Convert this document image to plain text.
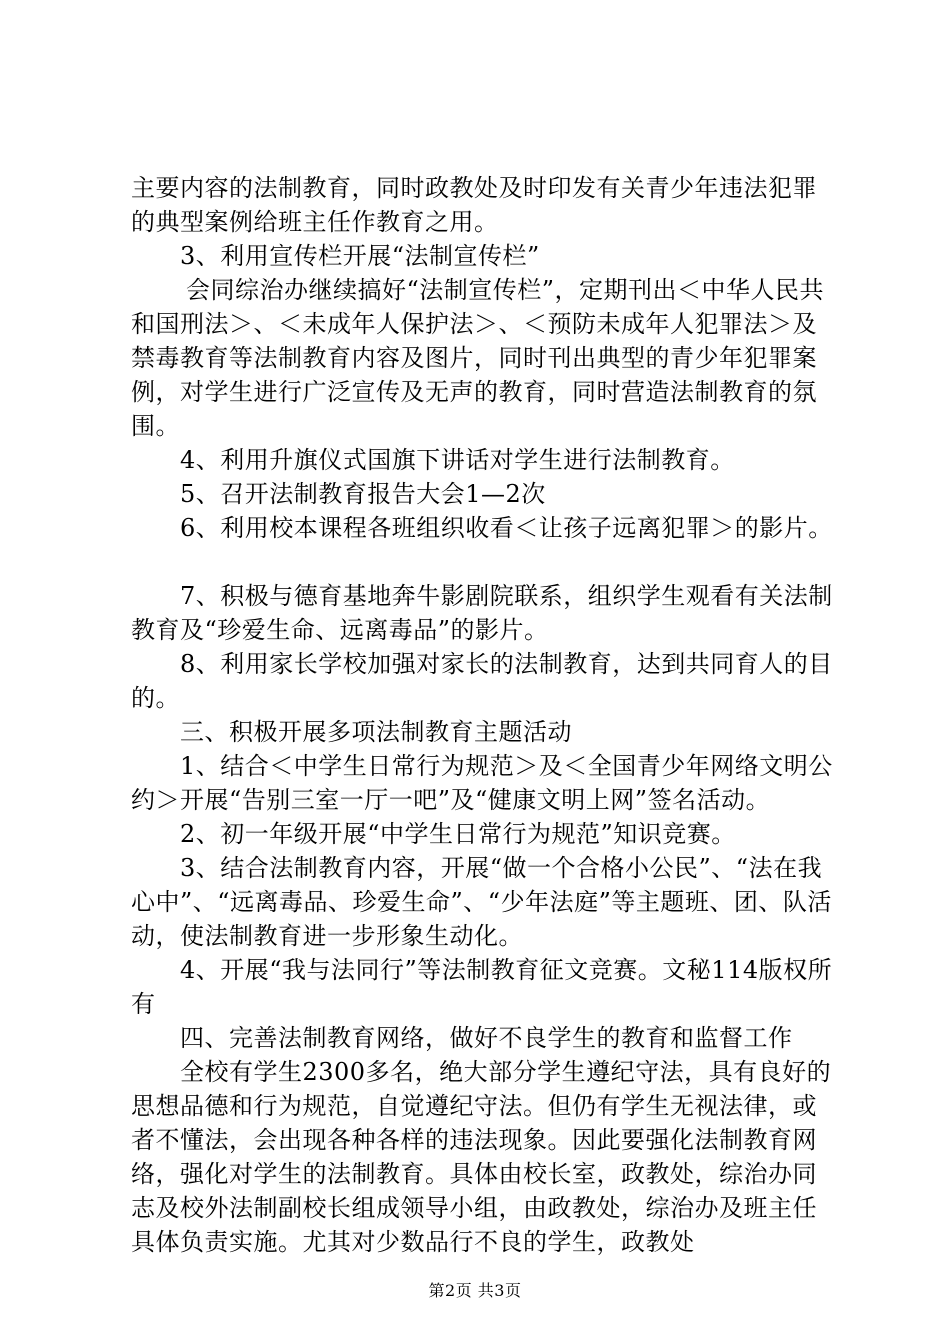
主要内容的法制教育，同时政教处及时印发有关青少年违法犯罪的典型案例给班主任作教育之用。

3、利用宣传栏开展“法制宣传栏”

会同综治办继续搞好“法制宣传栏”，定期刊出＜中华人民共和国刑法＞、＜未成年人保护法＞、＜预防未成年人犯罪法＞及禁毒教育等法制教育内容及图片，同时刊出典型的青少年犯罪案例，对学生进行广泛宣传及无声的教育，同时营造法制教育的氛围。

4、利用升旗仪式国旗下讲话对学生进行法制教育。

5、召开法制教育报告大会1—2次

6、利用校本课程各班组织收看＜让孩子远离犯罪＞的影片。

7、积极与德育基地奔牛影剧院联系，组织学生观看有关法制教育及“珍爱生命、远离毒品”的影片。

8、利用家长学校加强对家长的法制教育，达到共同育人的目的。

三、积极开展多项法制教育主题活动

1、结合＜中学生日常行为规范＞及＜全国青少年网络文明公约＞开展“告别三室一厅一吧”及“健康文明上网”签名活动。

2、初一年级开展“中学生日常行为规范”知识竞赛。

3、结合法制教育内容，开展“做一个合格小公民”、“法在我心中”、“远离毒品、珍爱生命”、“少年法庭”等主题班、团、队活动，使法制教育进一步形象生动化。

4、开展“我与法同行”等法制教育征文竞赛。文秘114版权所有

四、完善法制教育网络，做好不良学生的教育和监督工作

全校有学生2300多名，绝大部分学生遵纪守法，具有良好的思想品德和行为规范，自觉遵纪守法。但仍有学生无视法律，或者不懂法，会出现各种各样的违法现象。因此要强化法制教育网络，强化对学生的法制教育。具体由校长室，政教处，综治办同志及校外法制副校长组成领导小组，由政教处，综治办及班主任具体负责实施。尤其对少数品行不良的学生，政教处

第2页 共3页
